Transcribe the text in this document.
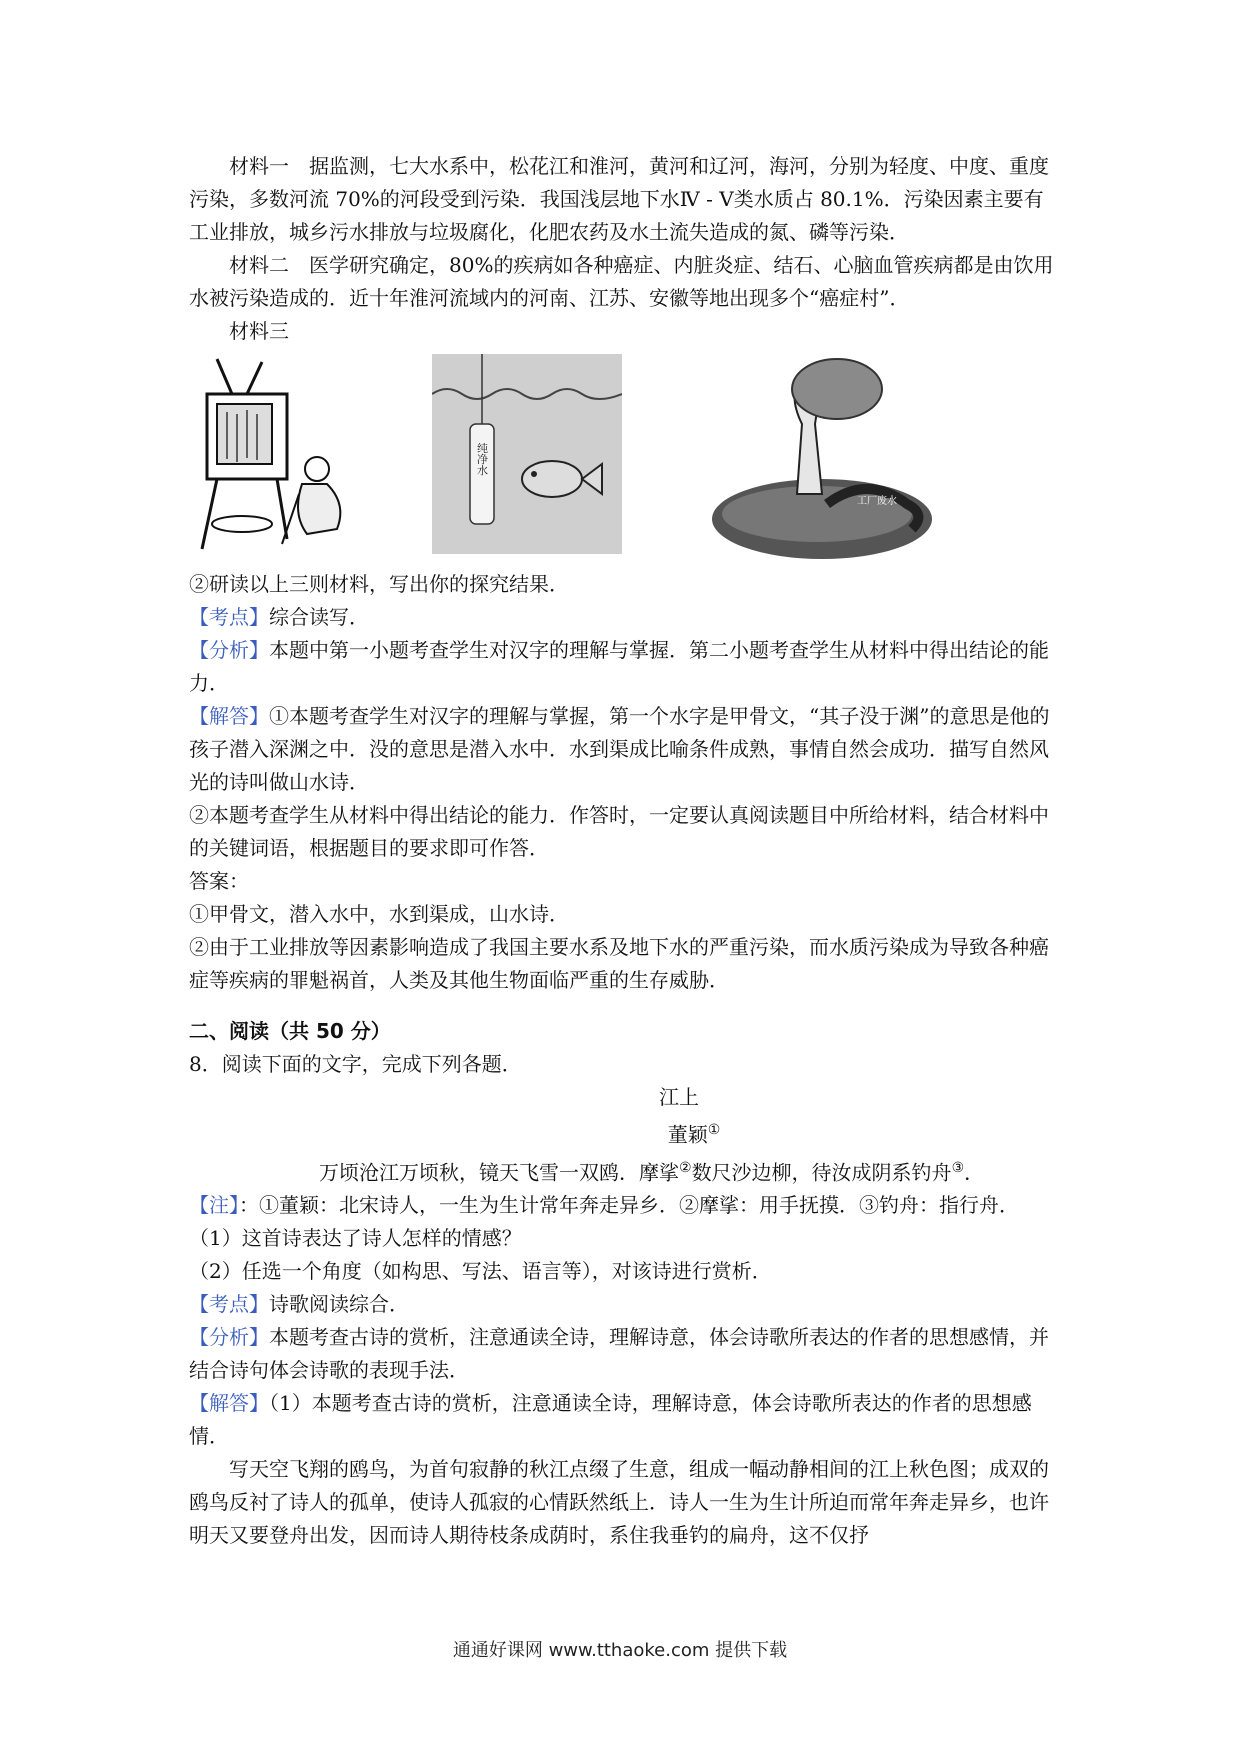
材料一　 据监测，七大水系中，松花江和淮河，黄河和辽河，海河，分别为轻度、中度、重度污染，多数河流 70%的河段受到污染．我国浅层地下水Ⅳ - Ⅴ类水质占 80.1%．污染因素主要有工业排放，城乡污水排放与垃圾腐化，化肥农药及水土流失造成的氮、磷等污染．

材料二　 医学研究确定，80%的疾病如各种癌症、内脏炎症、结石、心脑血管疾病都是由饮用水被污染造成的．近十年淮河流域内的河南、江苏、安徽等地出现多个“癌症村”．

材料三

纯净水
工厂废水

②研读以上三则材料，写出你的探究结果．

【考点】综合读写．

【分析】本题中第一小题考查学生对汉字的理解与掌握．第二小题考查学生从材料中得出结论的能力．

【解答】①本题考查学生对汉字的理解与掌握，第一个水字是甲骨文，“其子没于渊”的意思是他的孩子潜入深渊之中．没的意思是潜入水中．水到渠成比喻条件成熟，事情自然会成功．描写自然风光的诗叫做山水诗．

②本题考查学生从材料中得出结论的能力．作答时，一定要认真阅读题目中所给材料，结合材料中的关键词语，根据题目的要求即可作答．

答案：

①甲骨文，潜入水中，水到渠成，山水诗．

②由于工业排放等因素影响造成了我国主要水系及地下水的严重污染，而水质污染成为导致各种癌症等疾病的罪魁祸首，人类及其他生物面临严重的生存威胁．

二、阅读（共 50 分）

8．阅读下面的文字，完成下列各题．

江上

董颖①

万顷沧江万顷秋，镜天飞雪一双鸥．摩挲②数尺沙边柳，待汝成阴系钓舟③．

【注】：①董颖：北宋诗人，一生为生计常年奔走异乡．②摩挲：用手抚摸．③钓舟：指行舟．

（1）这首诗表达了诗人怎样的情感？

（2）任选一个角度（如构思、写法、语言等），对该诗进行赏析．

【考点】诗歌阅读综合．

【分析】本题考查古诗的赏析，注意通读全诗，理解诗意，体会诗歌所表达的作者的思想感情，并结合诗句体会诗歌的表现手法．

【解答】（1）本题考查古诗的赏析，注意通读全诗，理解诗意，体会诗歌所表达的作者的思想感情．

写天空飞翔的鸥鸟，为首句寂静的秋江点缀了生意，组成一幅动静相间的江上秋色图；成双的鸥鸟反衬了诗人的孤单，使诗人孤寂的心情跃然纸上．诗人一生为生计所迫而常年奔走异乡，也许明天又要登舟出发，因而诗人期待枝条成荫时，系住我垂钓的扁舟，这不仅抒

通通好课网 www.tthaoke.com 提供下载
